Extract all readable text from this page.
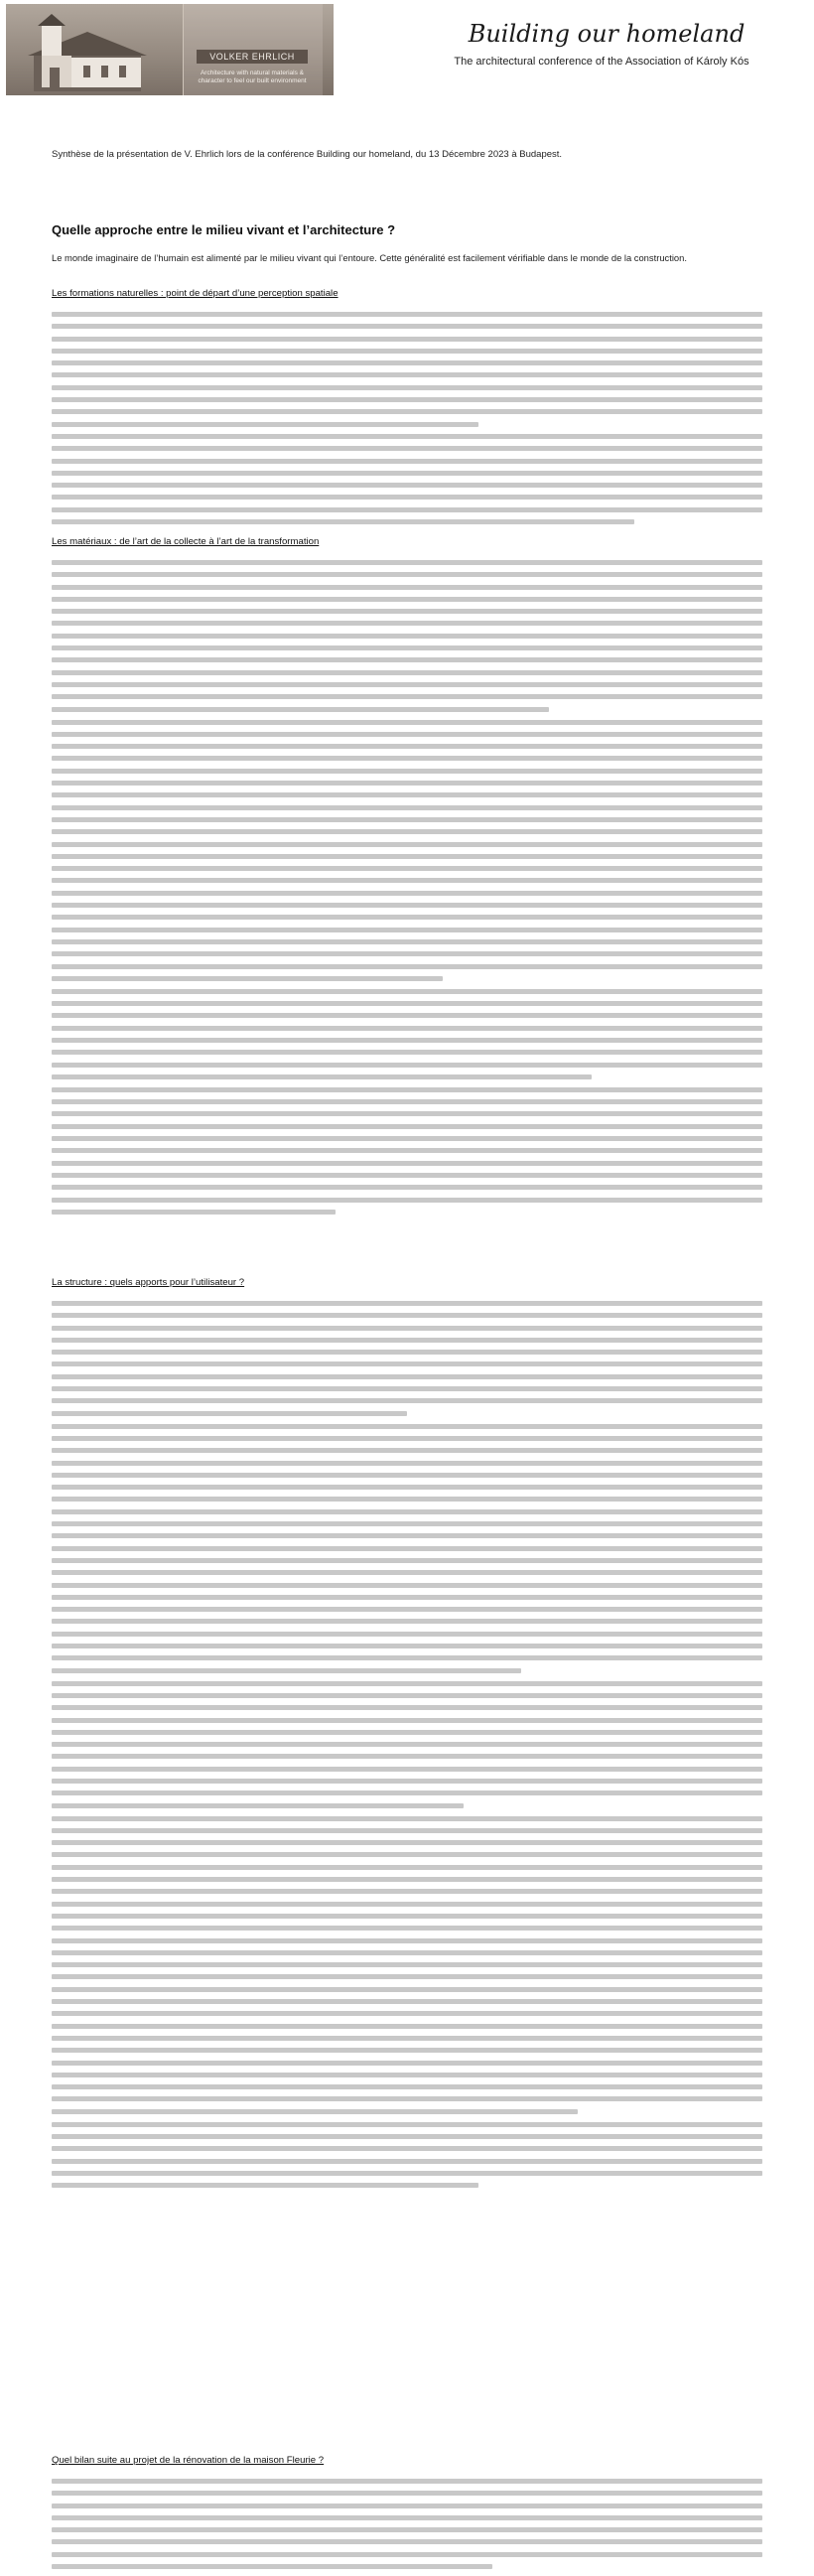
VOLKER EHRLICH
Architecture with natural materials & character to feel our built environment
Building our homeland
The architectural conference of the Association of Károly Kós
Synthèse de la présentation de V. Ehrlich lors de la conférence Building our homeland, du 13 Décembre 2023 à Budapest.
Quelle approche entre le milieu vivant et l’architecture ?
Le monde imaginaire de l’humain est alimenté par le milieu vivant qui l’entoure. Cette généralité est facilement vérifiable dans le monde de la construction.
Les formations naturelles : point de départ d’une perception spatiale
Les matériaux : de l’art de la collecte à l’art de la transformation
La structure : quels apports pour l’utilisateur ?
Quel bilan suite au projet de la rénovation de la maison Fleurie ?
